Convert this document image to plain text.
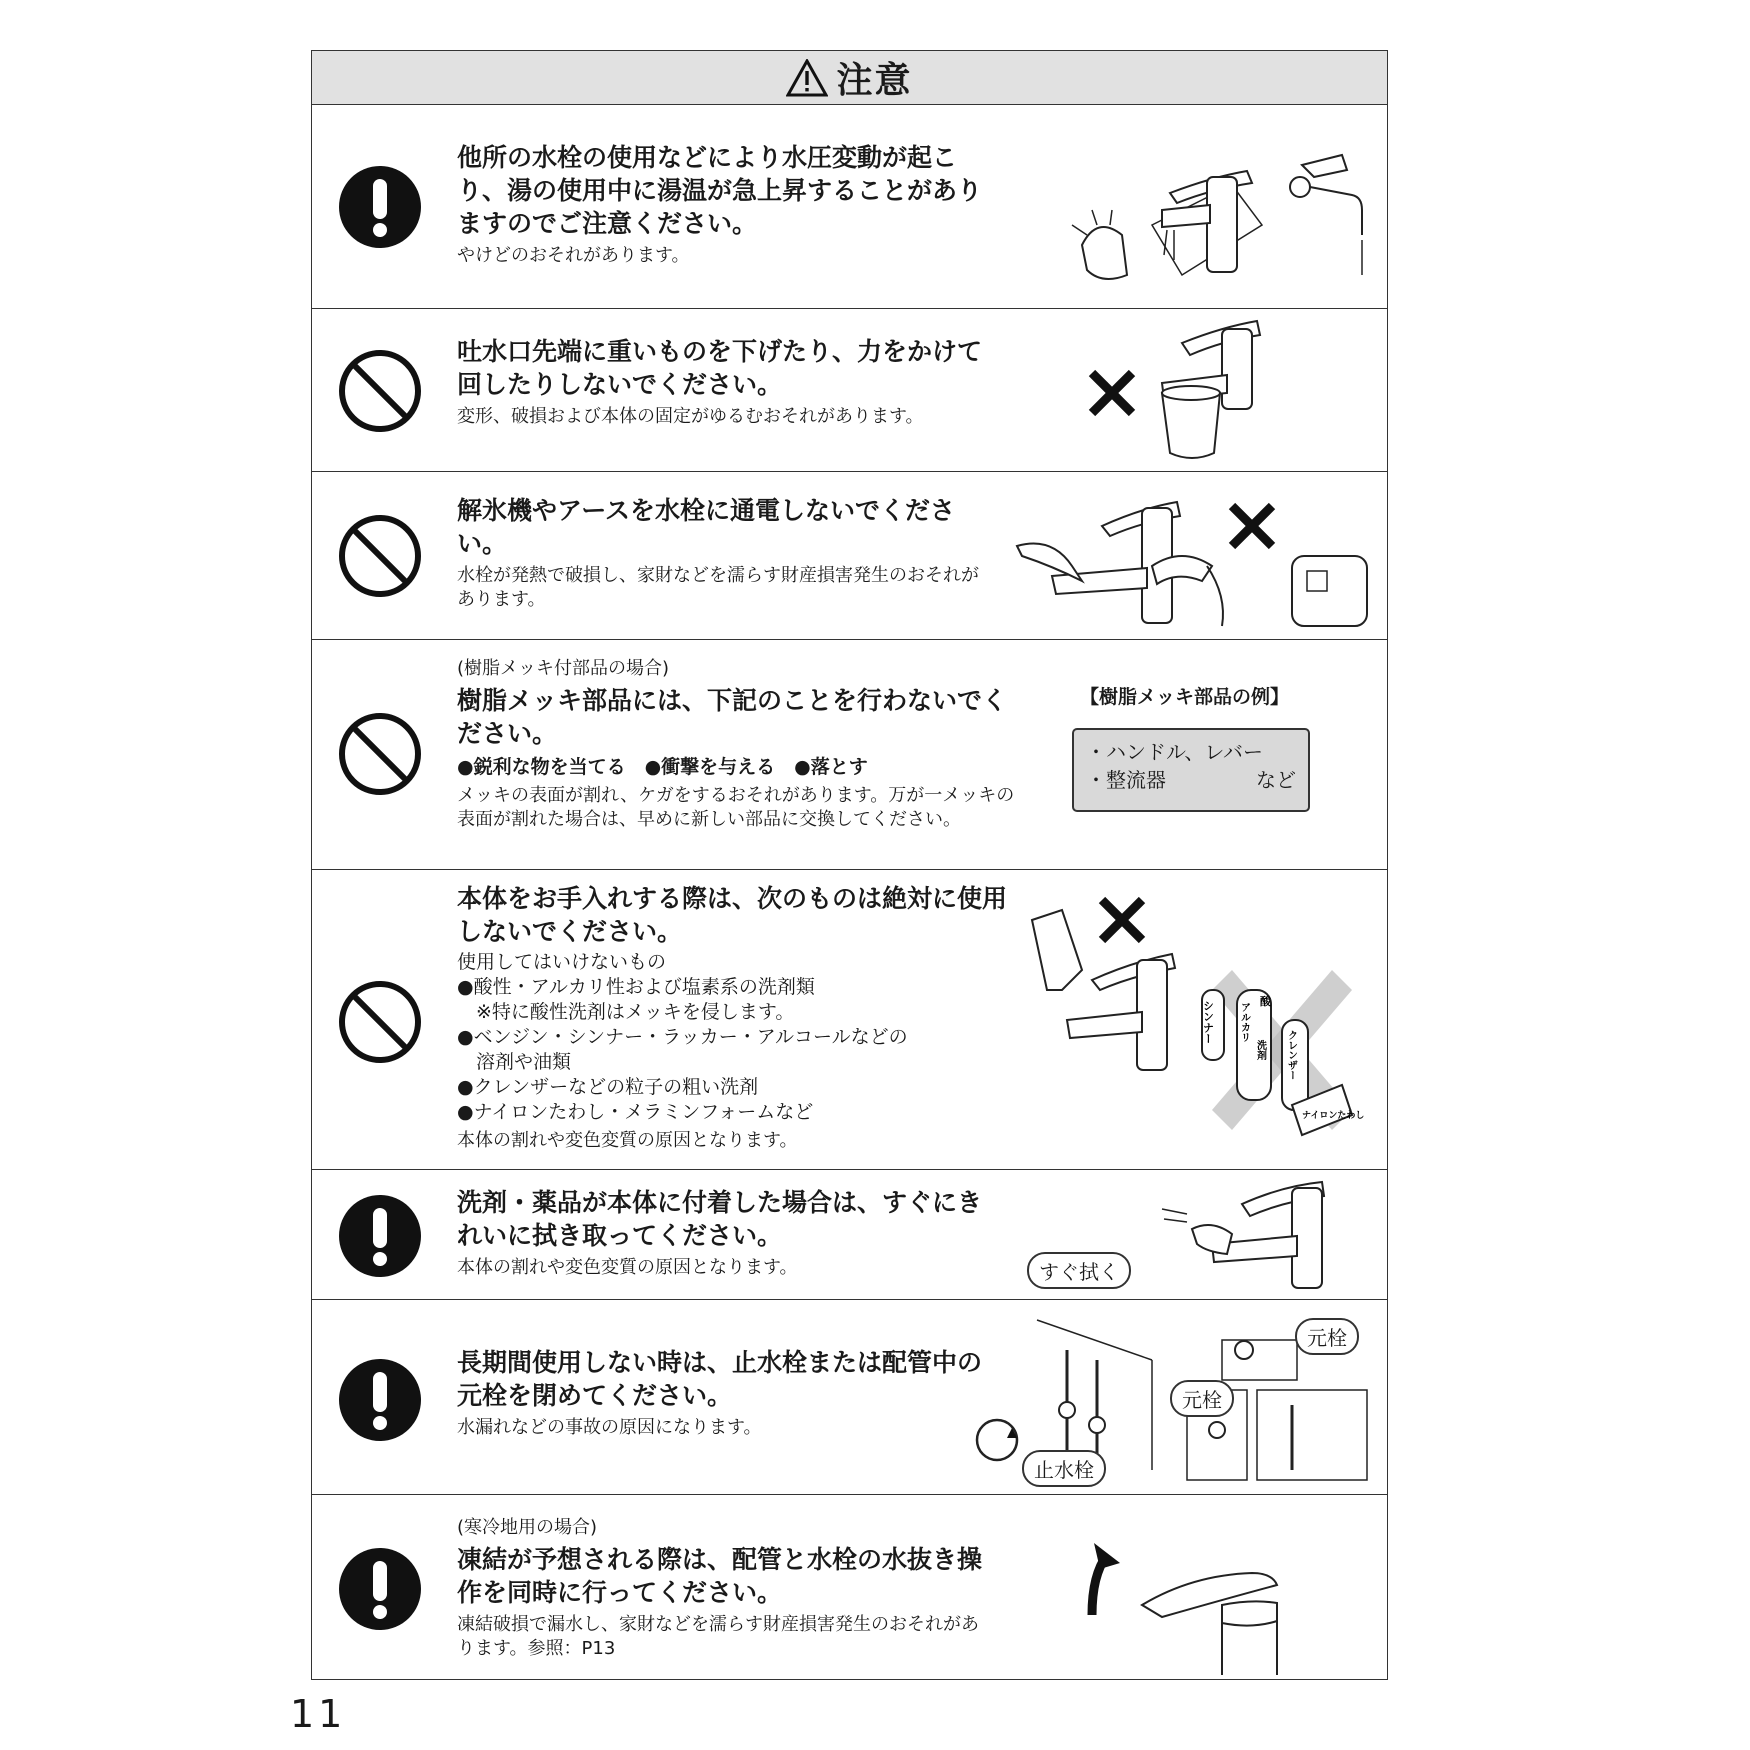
注意
他所の水栓の使用などにより水圧変動が起こり、湯の使用中に湯温が急上昇することがありますのでご注意ください。
やけどのおそれがあります。
吐水口先端に重いものを下げたり、力をかけて回したりしないでください。
変形、破損および本体の固定がゆるむおそれがあります。
解氷機やアースを水栓に通電しないでください。
水栓が発熱で破損し、家財などを濡らす財産損害発生のおそれがあります。
(樹脂メッキ付部品の場合)
樹脂メッキ部品には、下記のことを行わないでください。
●鋭利な物を当てる　●衝撃を与える　●落とす
メッキの表面が割れ、ケガをするおそれがあります。万が一メッキの表面が割れた場合は、早めに新しい部品に交換してください。
【樹脂メッキ部品の例】
・ハンドル、レバー
・整流器	など
本体をお手入れする際は、次のものは絶対に使用しないでください。
使用してはいけないもの
●酸性・アルカリ性および塩素系の洗剤類
　※特に酸性洗剤はメッキを侵します。
●ベンジン・シンナー・ラッカー・アルコールなどの
　溶剤や油類
●クレンザーなどの粒子の粗い洗剤
●ナイロンたわし・メラミンフォームなど
本体の割れや変色変質の原因となります。
シンナー アルカリ
酸
洗剤 クレンザー
ナイロンたわし
洗剤・薬品が本体に付着した場合は、すぐにきれいに拭き取ってください。
本体の割れや変色変質の原因となります。	すぐ拭く
長期間使用しない時は、止水栓または配管中の元栓を閉めてください。
水漏れなどの事故の原因になります。
止水栓
元栓
元栓
(寒冷地用の場合)
凍結が予想される際は、配管と水栓の水抜き操作を同時に行ってください。
凍結破損で漏水し、家財などを濡らす財産損害発生のおそれがあります。参照：P13
11
